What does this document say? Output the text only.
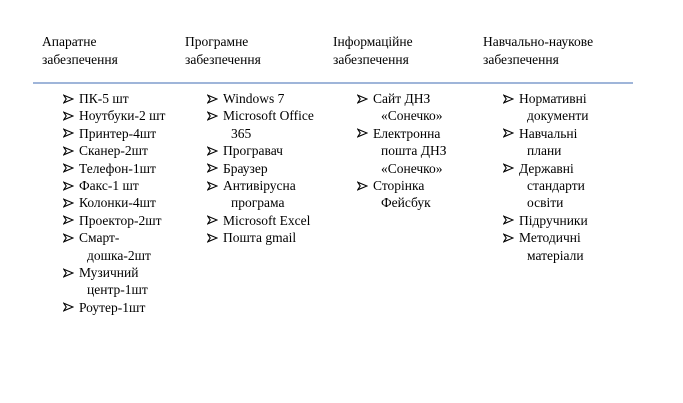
Апаратне забезпечення
Програмне забезпечення
Інформаційне забезпечення
Навчально-наукове забезпечення
ПК-5 шт
Ноутбуки-2 шт
Принтер-4шт
Сканер-2шт
Телефон-1шт
Факс-1 шт
Колонки-4шт
Проектор-2шт
Смарт-дошка-2шт
Музичний центр-1шт
Роутер-1шт
Windows 7
Microsoft Office 365
Програвач
Браузер
Антивірусна програма
Microsoft Excel
Пошта gmail
Сайт ДНЗ «Сонечко»
Електронна пошта ДНЗ «Сонечко»
Сторінка Фейсбук
Нормативні документи
Навчальні плани
Державні стандарти освіти
Підручники
Методичні матеріали
